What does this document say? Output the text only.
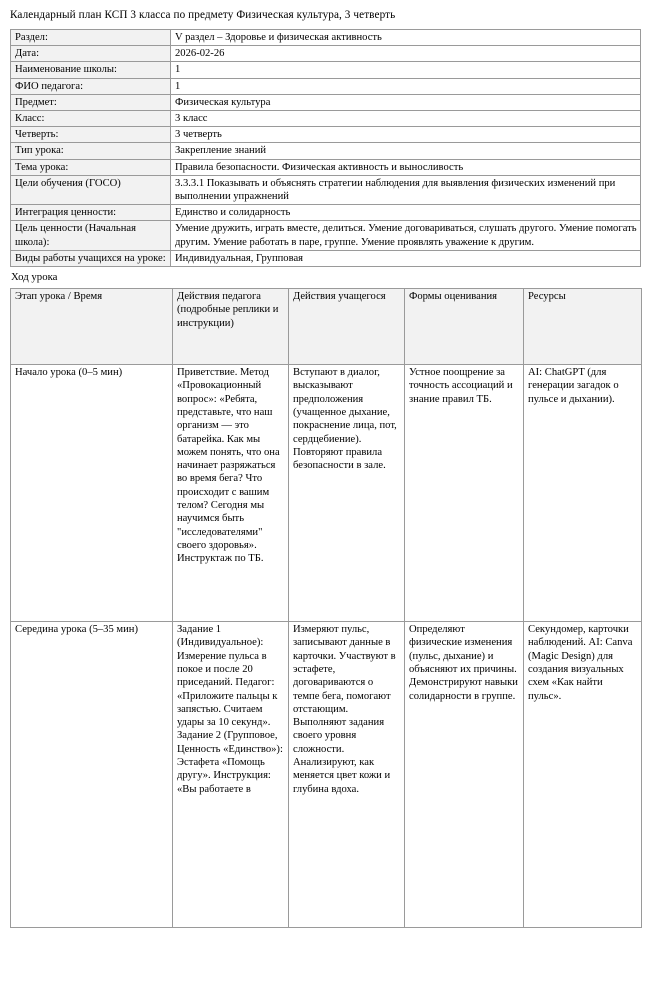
Календарный план КСП 3 класса по предмету Физическая культура, 3 четверть
Раздел:	V раздел – Здоровье и физическая активность
Дата:	2026-02-26
Наименование школы:	1
ФИО педагога:	1
Предмет:	Физическая культура
Класс:	3 класс
Четверть:	3 четверть
Тип урока:	Закрепление знаний
Тема урока:	Правила безопасности. Физическая активность и выносливость
Цели обучения (ГОСО)	3.3.3.1 Показывать и объяснять стратегии наблюдения для выявления физических изменений при выполнении упражнений
Интеграция ценности:	Единство и солидарность
Цель ценности (Начальная школа):	Умение дружить, играть вместе, делиться. Умение договариваться, слушать другого. Умение помогать другим. Умение работать в паре, группе. Умение проявлять уважение к другим.
Виды работы учащихся на уроке:	Индивидуальная, Групповая
Ход урока
Этап урока / Время	Действия педагога (подробные реплики и инструкции)	Действия учащегося	Формы оценивания	Ресурсы
Начало урока (0–5 мин)	Приветствие. Метод «Провокационный вопрос»: «Ребята, представьте, что наш организм — это батарейка. Как мы можем понять, что она начинает разряжаться во время бега? Что происходит с вашим телом? Сегодня мы научимся быть "исследователями" своего здоровья». Инструктаж по ТБ.	Вступают в диалог, высказывают предположения (учащенное дыхание, покраснение лица, пот, сердцебиение). Повторяют правила безопасности в зале.	Устное поощрение за точность ассоциаций и знание правил ТБ.	AI: ChatGPT (для генерации загадок о пульсе и дыхании).
Середина урока (5–35 мин)	Задание 1 (Индивидуальное): Измерение пульса в покое и после 20 приседаний. Педагог: «Приложите пальцы к запястью. Считаем удары за 10 секунд». Задание 2 (Групповое, Ценность «Единство»): Эстафета «Помощь другу». Инструкция: «Вы работаете в	Измеряют пульс, записывают данные в карточки. Участвуют в эстафете, договариваются о темпе бега, помогают отстающим. Выполняют задания своего уровня сложности. Анализируют, как меняется цвет кожи и глубина вдоха.	Определяют физические изменения (пульс, дыхание) и объясняют их причины. Демонстрируют навыки солидарности в группе.	Секундомер, карточки наблюдений. AI: Canva (Magic Design) для создания визуальных схем «Как найти пульс».
